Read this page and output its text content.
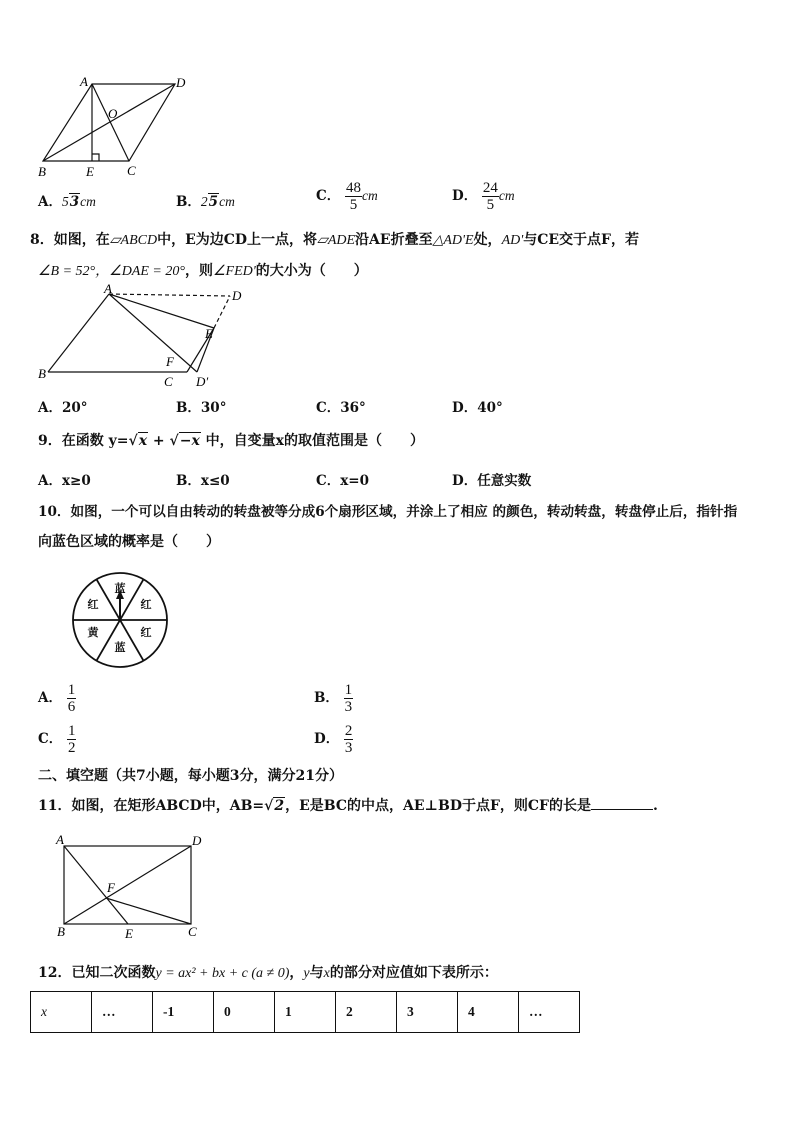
A	D
O
B	E	C
A．53cm	B．25cm	C． $\frac{48}{5}$ cm	D． $\frac{24}{5}$ cm
8．如图，在▱ABCD中，E为边CD上一点，将▱ADE沿AE折叠至△AD'E处，AD'与CE交于点F，若
∠B = 52°，∠DAE = 20°，则∠FED'的大小为（　　）
A	D
E
F
B
C D′
A．20°	B．30°	C．36°	D．40°
9．在函数 y=√x + √−x 中，自变量x的取值范围是（　　）
A．x≥0	B．x≤0	C．x=0	D．任意实数
10．如图，一个可以自由转动的转盘被等分成6个扇形区域，并涂上了相应 的颜色，转动转盘，转盘停止后，指针指
向蓝色区域的概率是（　　）
蓝
红
红
蓝
黄
红
A． $\frac{1}{6}$	B． $\frac{1}{3}$
C． $\frac{1}{2}$	D． $\frac{2}{3}$
二、填空题（共7小题，每小题3分，满分21分）
11．如图，在矩形ABCD中，AB=√2，E是BC的中点，AE⊥BD于点F，则CF的长是	.
A	D
F
B	E	C
12．已知二次函数y = ax² + bx + c (a ≠ 0)，y与x的部分对应值如下表所示：
x	…	-1	0	1	2	3	4	…
